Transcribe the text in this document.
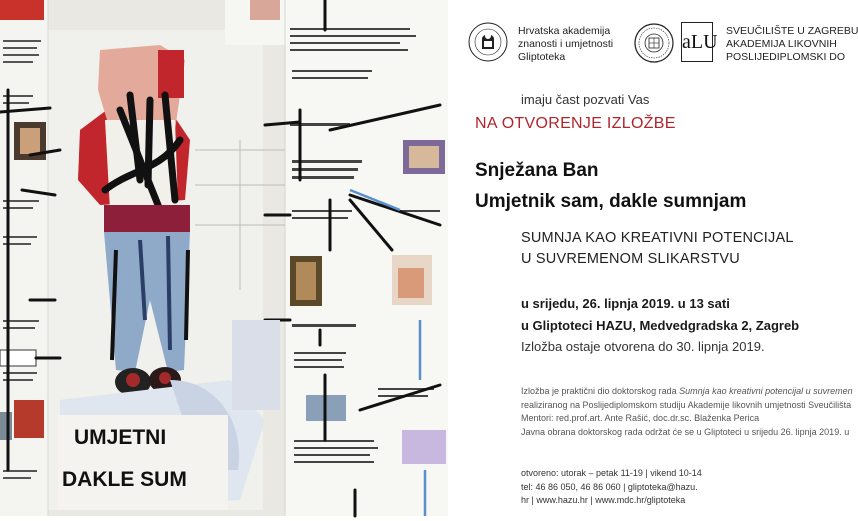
UMJETNI
DAKLE SUM
Hrvatska akademija
znanosti i umjetnosti
Gliptoteka
aLU SVEUČILIŠTE U ZAGREBU
AKADEMIJA LIKOVNIH
POSLIJEDIPLOMSKI DO
imaju čast pozvati Vas
NA OTVORENJE IZLOŽBE
Snježana Ban
Umjetnik sam, dakle sumnjam
SUMNJA KAO KREATIVNI POTENCIJAL
U SUVREMENOM SLIKARSTVU
u srijedu, 26. lipnja 2019. u 13 sati
u Gliptoteci HAZU, Medvedgradska 2, Zagreb
Izložba ostaje otvorena do 30. lipnja 2019.
Izložba je praktični dio doktorskog rada Sumnja kao kreativni potencijal u suvremen
realiziranog na Poslijediplomskom studiju Akademije likovnih umjetnosti Sveučilišta
Mentori: red.prof.art. Ante Rašić, doc.dr.sc. Blaženka Perica
Javna obrana doktorskog rada održat će se u Gliptoteci u srijedu 26. lipnja 2019. u
otvoreno: utorak – petak 11-19 | vikend 10-14
tel: 46 86 050, 46 86 060 | gliptoteka@hazu.
hr | www.hazu.hr | www.mdc.hr/gliptoteka
